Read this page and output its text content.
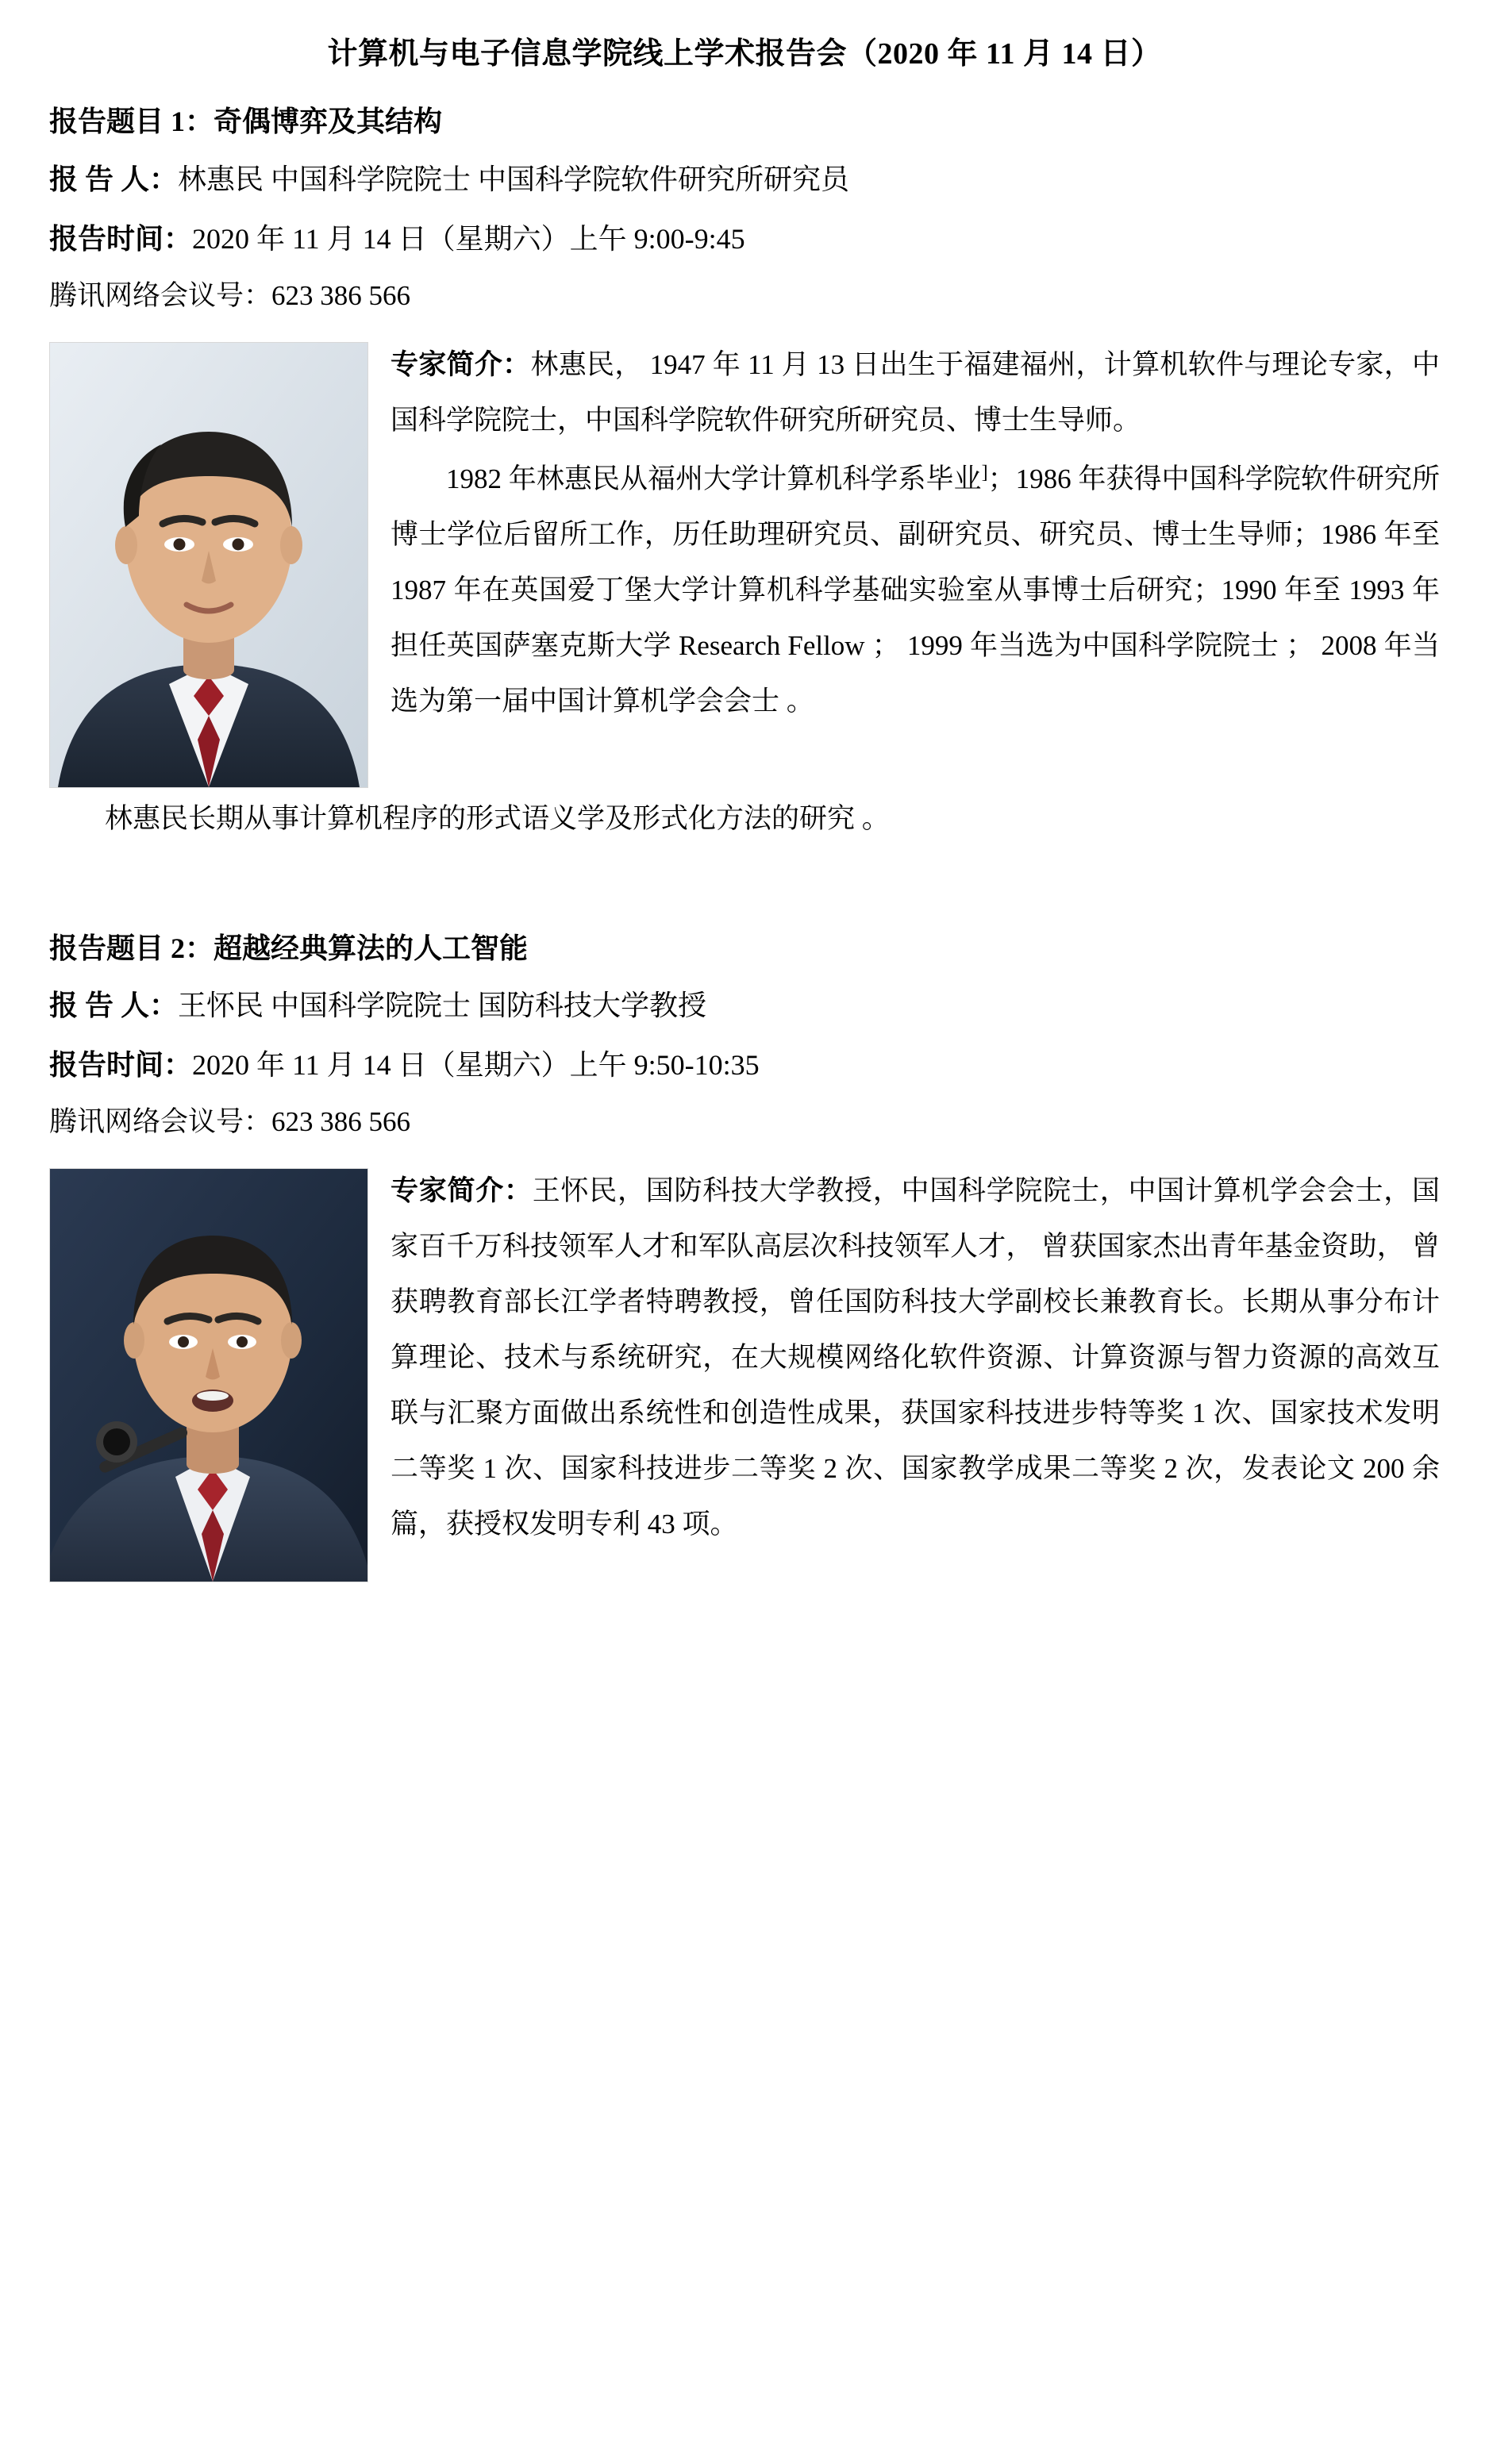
计算机与电子信息学院线上学术报告会（2020 年 11 月 14 日）
报告题目 1：奇偶博弈及其结构
报 告 人：林惠民 中国科学院院士 中国科学院软件研究所研究员
报告时间：2020 年 11 月 14 日（星期六）上午 9:00-9:45
腾讯网络会议号：623 386 566
专家简介：林惠民， 1947 年 11 月 13 日出生于福建福州，计算机软件与理论专家，中国科学院院士，中国科学院软件研究所研究员、博士生导师。
1982 年林惠民从福州大学计算机科学系毕业]；1986 年获得中国科学院软件研究所博士学位后留所工作，历任助理研究员、副研究员、研究员、博士生导师；1986 年至 1987 年在英国爱丁堡大学计算机科学基础实验室从事博士后研究；1990 年至 1993 年担任英国萨塞克斯大学 Research Fellow ； 1999 年当选为中国科学院院士 ； 2008 年当选为第一届中国计算机学会会士 。
林惠民长期从事计算机程序的形式语义学及形式化方法的研究 。
报告题目 2：超越经典算法的人工智能
报 告 人：王怀民 中国科学院院士 国防科技大学教授
报告时间：2020 年 11 月 14 日（星期六）上午 9:50-10:35
腾讯网络会议号：623 386 566
专家简介：王怀民，国防科技大学教授，中国科学院院士，中国计算机学会会士，国家百千万科技领军人才和军队高层次科技领军人才， 曾获国家杰出青年基金资助， 曾获聘教育部长江学者特聘教授，曾任国防科技大学副校长兼教育长。长期从事分布计算理论、技术与系统研究，在大规模网络化软件资源、计算资源与智力资源的高效互联与汇聚方面做出系统性和创造性成果，获国家科技进步特等奖 1 次、国家技术发明二等奖 1 次、国家科技进步二等奖 2 次、国家教学成果二等奖 2 次，发表论文 200 余篇，获授权发明专利 43 项。
